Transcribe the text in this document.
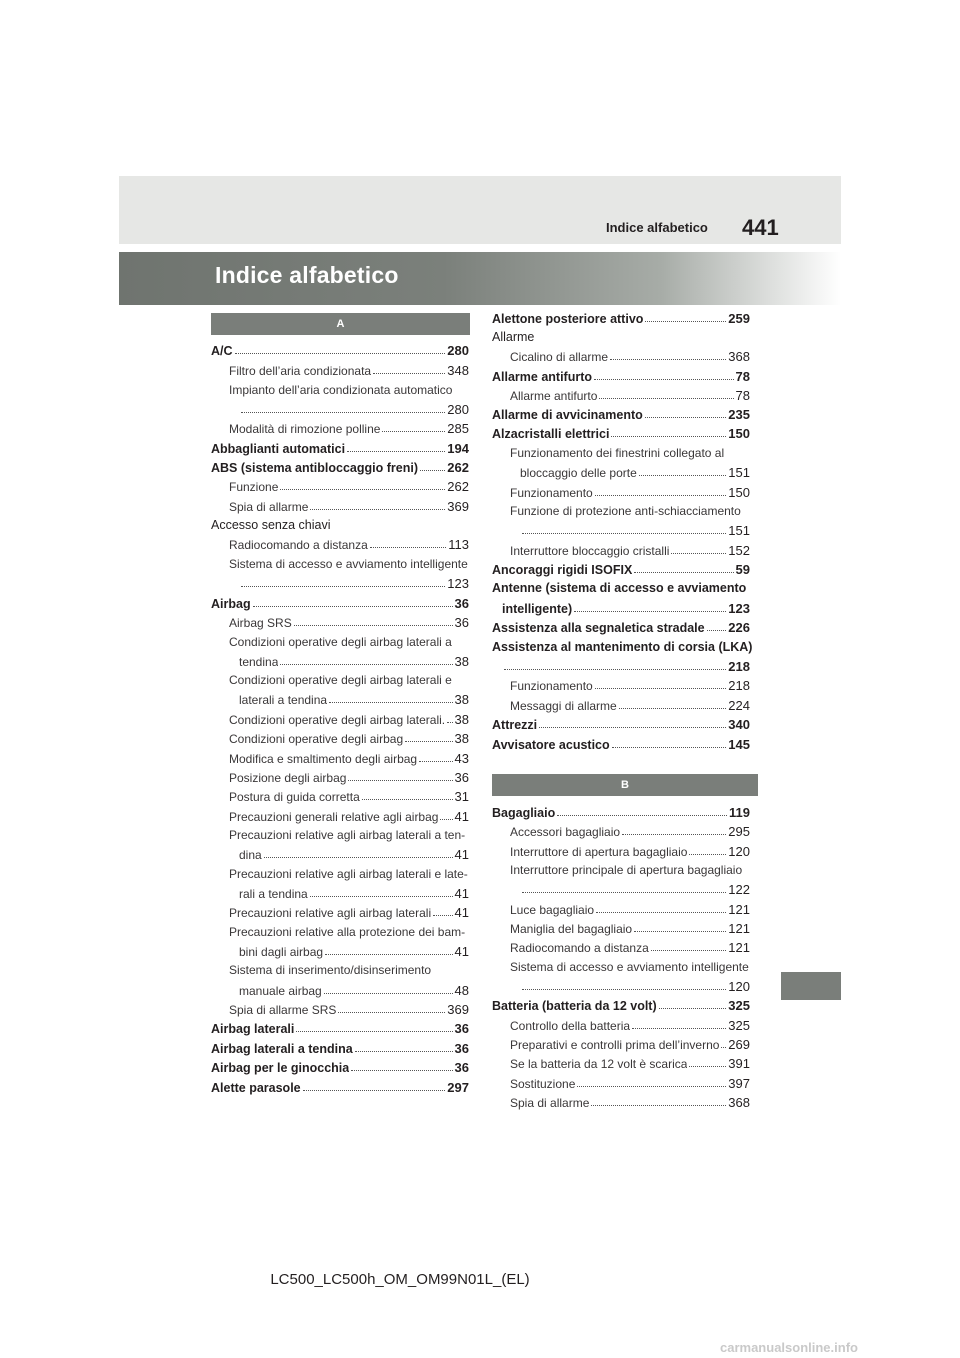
Indice alfabetico 441
Indice alfabetico
A
A/C	280
Filtro dell’aria condizionata	348
Impianto dell’aria condizionata automatico
280
Modalità di rimozione polline	285
Abbaglianti automatici	194
ABS (sistema antibloccaggio freni) 262
Funzione	262
Spia di allarme	369
Accesso senza chiavi
Radiocomando a distanza	113
Sistema di accesso e avviamento intelligente
123
Airbag	36
Airbag SRS	36
Condizioni operative degli airbag laterali a
tendina	38
Condizioni operative degli airbag laterali e
laterali a tendina	38
Condizioni operative degli airbag laterali. 38
Condizioni operative degli airbag	38
Modifica e smaltimento degli airbag	43
Posizione degli airbag	36
Postura di guida corretta	31
Precauzioni generali relative agli airbag 41
Precauzioni relative agli airbag laterali a ten-
dina	41
Precauzioni relative agli airbag laterali e late-
rali a tendina	41
Precauzioni relative agli airbag laterali 41
Precauzioni relative alla protezione dei bam-
bini dagli airbag	41
Sistema di inserimento/disinserimento
manuale airbag	48
Spia di allarme SRS	369
Airbag laterali	36
Airbag laterali a tendina	36
Airbag per le ginocchia	36
Alette parasole	297
Alettone posteriore attivo	259
Allarme
Cicalino di allarme	368
Allarme antifurto	78
Allarme antifurto	78
Allarme di avvicinamento	235
Alzacristalli elettrici	150
Funzionamento dei finestrini collegato al
bloccaggio delle porte	151
Funzionamento	150
Funzione di protezione anti-schiacciamento
151
Interruttore bloccaggio cristalli	152
Ancoraggi rigidi ISOFIX	59
Antenne (sistema di accesso e avviamento
intelligente)	123
Assistenza alla segnaletica stradale 226
Assistenza al mantenimento di corsia (LKA)
218
Funzionamento	218
Messaggi di allarme	224
Attrezzi	340
Avvisatore acustico	145
B
Bagagliaio	119
Accessori bagagliaio	295
Interruttore di apertura bagagliaio	120
Interruttore principale di apertura bagagliaio
122
Luce bagagliaio	121
Maniglia del bagagliaio	121
Radiocomando a distanza	121
Sistema di accesso e avviamento intelligente
120
Batteria (batteria da 12 volt)	325
Controllo della batteria	325
Preparativi e controlli prima dell’inverno 269
Se la batteria da 12 volt è scarica	391
Sostituzione	397
Spia di allarme	368
LC500_LC500h_OM_OM99N01L_(EL)
carmanualsonline.info
